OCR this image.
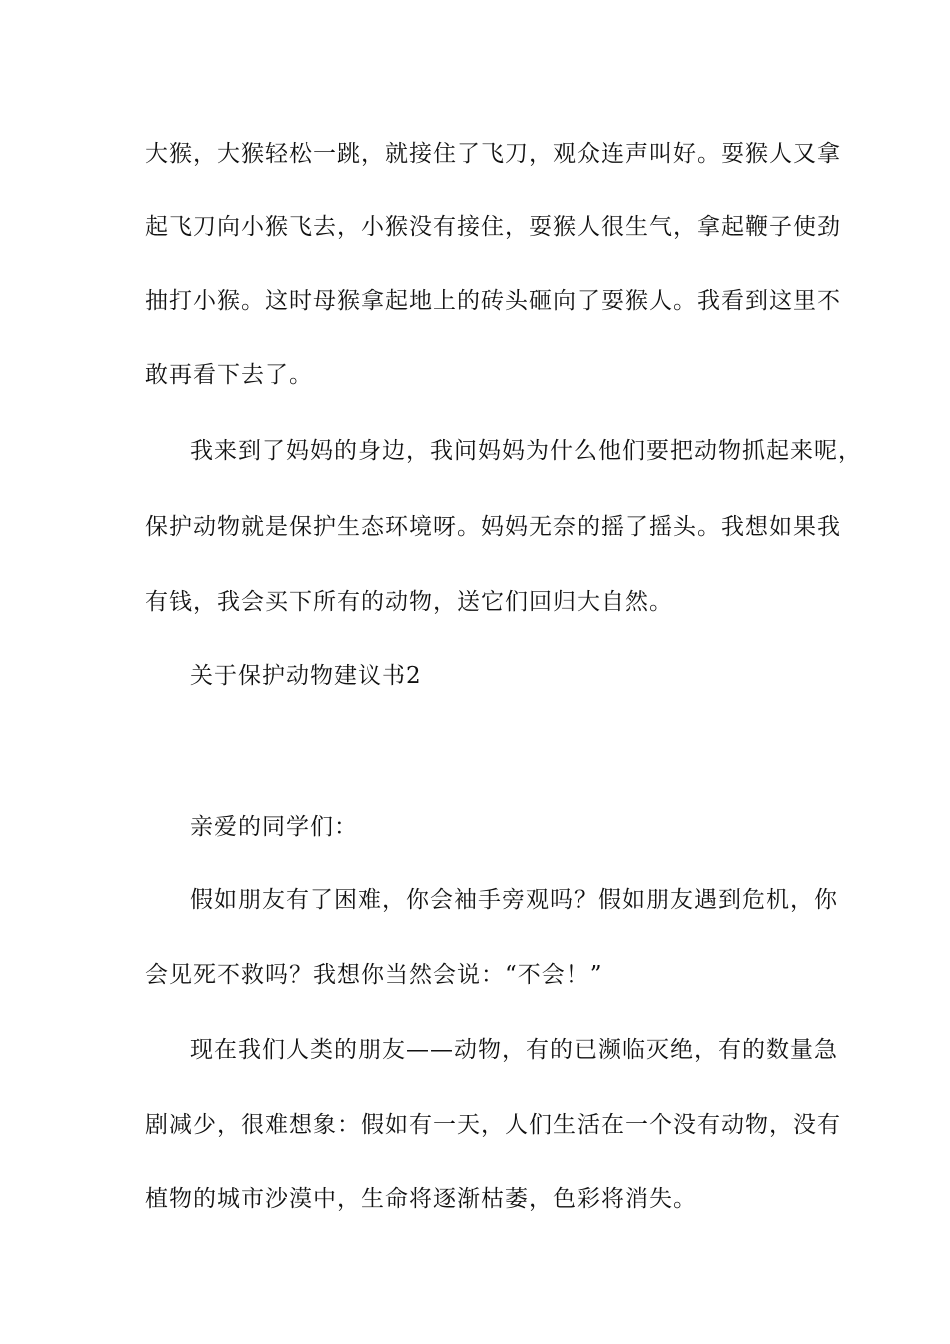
大猴，大猴轻松一跳，就接住了飞刀，观众连声叫好。耍猴人又拿
起飞刀向小猴飞去，小猴没有接住，耍猴人很生气，拿起鞭子使劲
抽打小猴。这时母猴拿起地上的砖头砸向了耍猴人。我看到这里不
敢再看下去了。
我来到了妈妈的身边，我问妈妈为什么他们要把动物抓起来呢，
保护动物就是保护生态环境呀。妈妈无奈的摇了摇头。我想如果我
有钱，我会买下所有的动物，送它们回归大自然。
关于保护动物建议书2
亲爱的同学们：
假如朋友有了困难，你会袖手旁观吗？假如朋友遇到危机，你
会见死不救吗？我想你当然会说：“不会！”
现在我们人类的朋友——动物，有的已濒临灭绝，有的数量急
剧减少，很难想象：假如有一天，人们生活在一个没有动物，没有
植物的城市沙漠中，生命将逐渐枯萎，色彩将消失。
